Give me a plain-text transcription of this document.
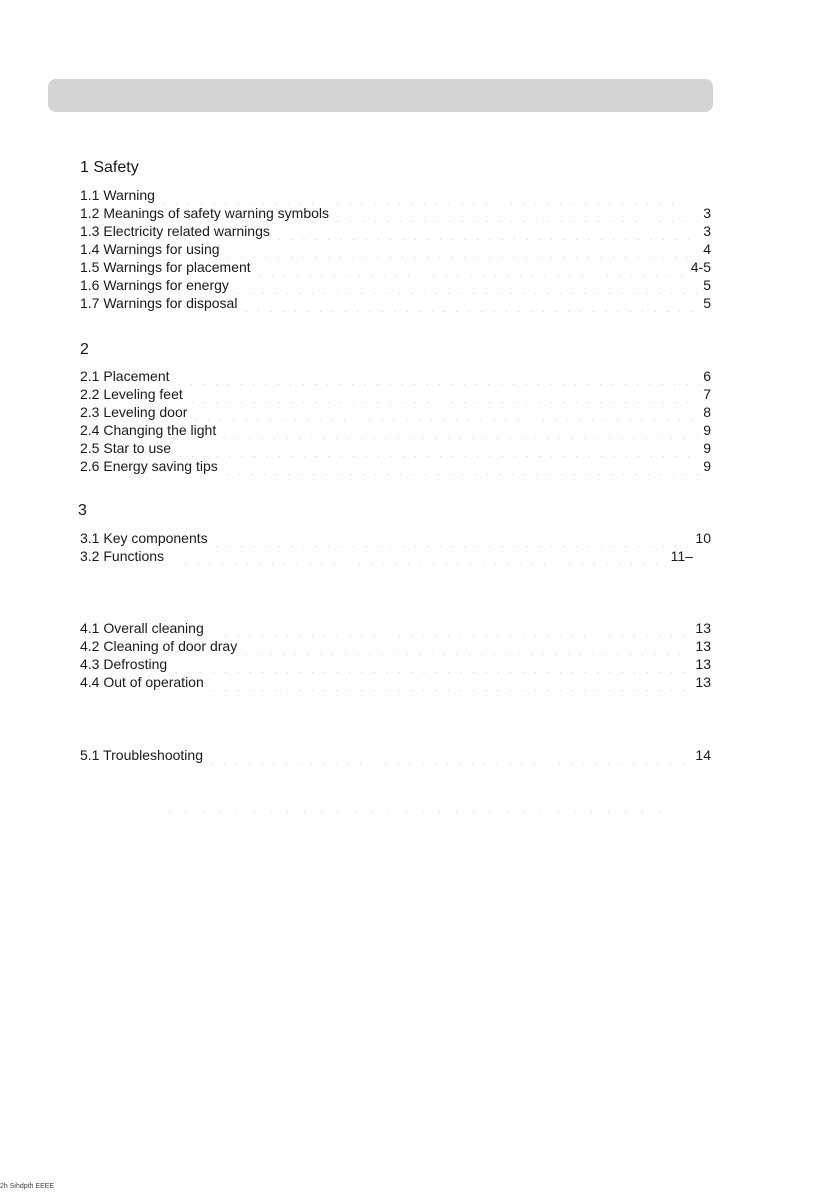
1 Safety
1.1 Warning
1.2 Meanings of safety warning symbols	3
1.3 Electricity related warnings	3
1.4 Warnings for using	4
1.5 Warnings for placement	4-5
1.6 Warnings for energy	5
1.7 Warnings for disposal	5
2
2.1 Placement	6
2.2 Leveling feet	7
2.3 Leveling door	8
2.4 Changing the light	9
2.5 Star to use	9
2.6 Energy saving tips	9
3
3.1 Key components	10
3.2 Functions	11–
4.1 Overall cleaning	13
4.2 Cleaning of door dray	13
4.3 Defrosting	13
4.4 Out of operation	13
5.1 Troubleshooting	14
2h Sihdpth EEEE
